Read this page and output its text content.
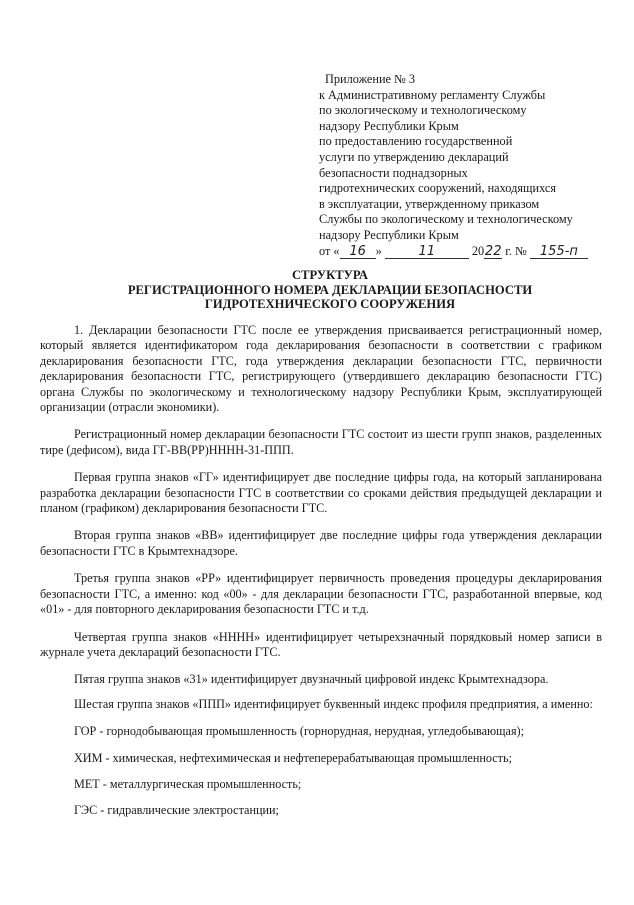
Приложение № 3
к Административному регламенту Службы
по экологическому и технологическому
надзору Республики Крым
по предоставлению государственной
услуги по утверждению деклараций
безопасности поднадзорных
гидротехнических сооружений, находящихся
в эксплуатации, утвержденному приказом
Службы по экологическому и технологическому
надзору Республики Крым
от « 16 »	11	2022 г. № 155-п
СТРУКТУРА
РЕГИСТРАЦИОННОГО НОМЕРА ДЕКЛАРАЦИИ БЕЗОПАСНОСТИ
ГИДРОТЕХНИЧЕСКОГО СООРУЖЕНИЯ

1. Декларации безопасности ГТС после ее утверждения присваивается регистрационный номер, который является идентификатором года декларирования безопасности в соответствии с графиком декларирования безопасности ГТС, года утверждения декларации безопасности ГТС, первичности декларирования безопасности ГТС, регистрирующего (утвердившего декларацию безопасности ГТС) органа Службы по экологическому и технологическому надзору Республики Крым, эксплуатирующей организации (отрасли экономики).

Регистрационный номер декларации безопасности ГТС состоит из шести групп знаков, разделенных тире (дефисом), вида ГГ-ВВ(РР)НННН-31-ППП.

Первая группа знаков «ГГ» идентифицирует две последние цифры года, на который запланирована разработка декларации безопасности ГТС в соответствии со сроками действия предыдущей декларации и планом (графиком) декларирования безопасности ГТС.

Вторая группа знаков «ВВ» идентифицирует две последние цифры года утверждения декларации безопасности ГТС в Крымтехнадзоре.

Третья группа знаков «РР» идентифицирует первичность проведения процедуры декларирования безопасности ГТС, а именно: код «00» - для декларации безопасности ГТС, разработанной впервые, код «01» - для повторного декларирования безопасности ГТС и т.д.

Четвертая группа знаков «НННН» идентифицирует четырехзначный порядковый номер записи в журнале учета деклараций безопасности ГТС.

Пятая группа знаков «31» идентифицирует двузначный цифровой индекс Крымтехнадзора.

Шестая группа знаков «ППП» идентифицирует буквенный индекс профиля предприятия, а именно:

ГОР - горнодобывающая промышленность (горнорудная, нерудная, угледобывающая);

ХИМ - химическая, нефтехимическая и нефтеперерабатывающая промышленность;

МЕТ - металлургическая промышленность;

ГЭС - гидравлические электростанции;
